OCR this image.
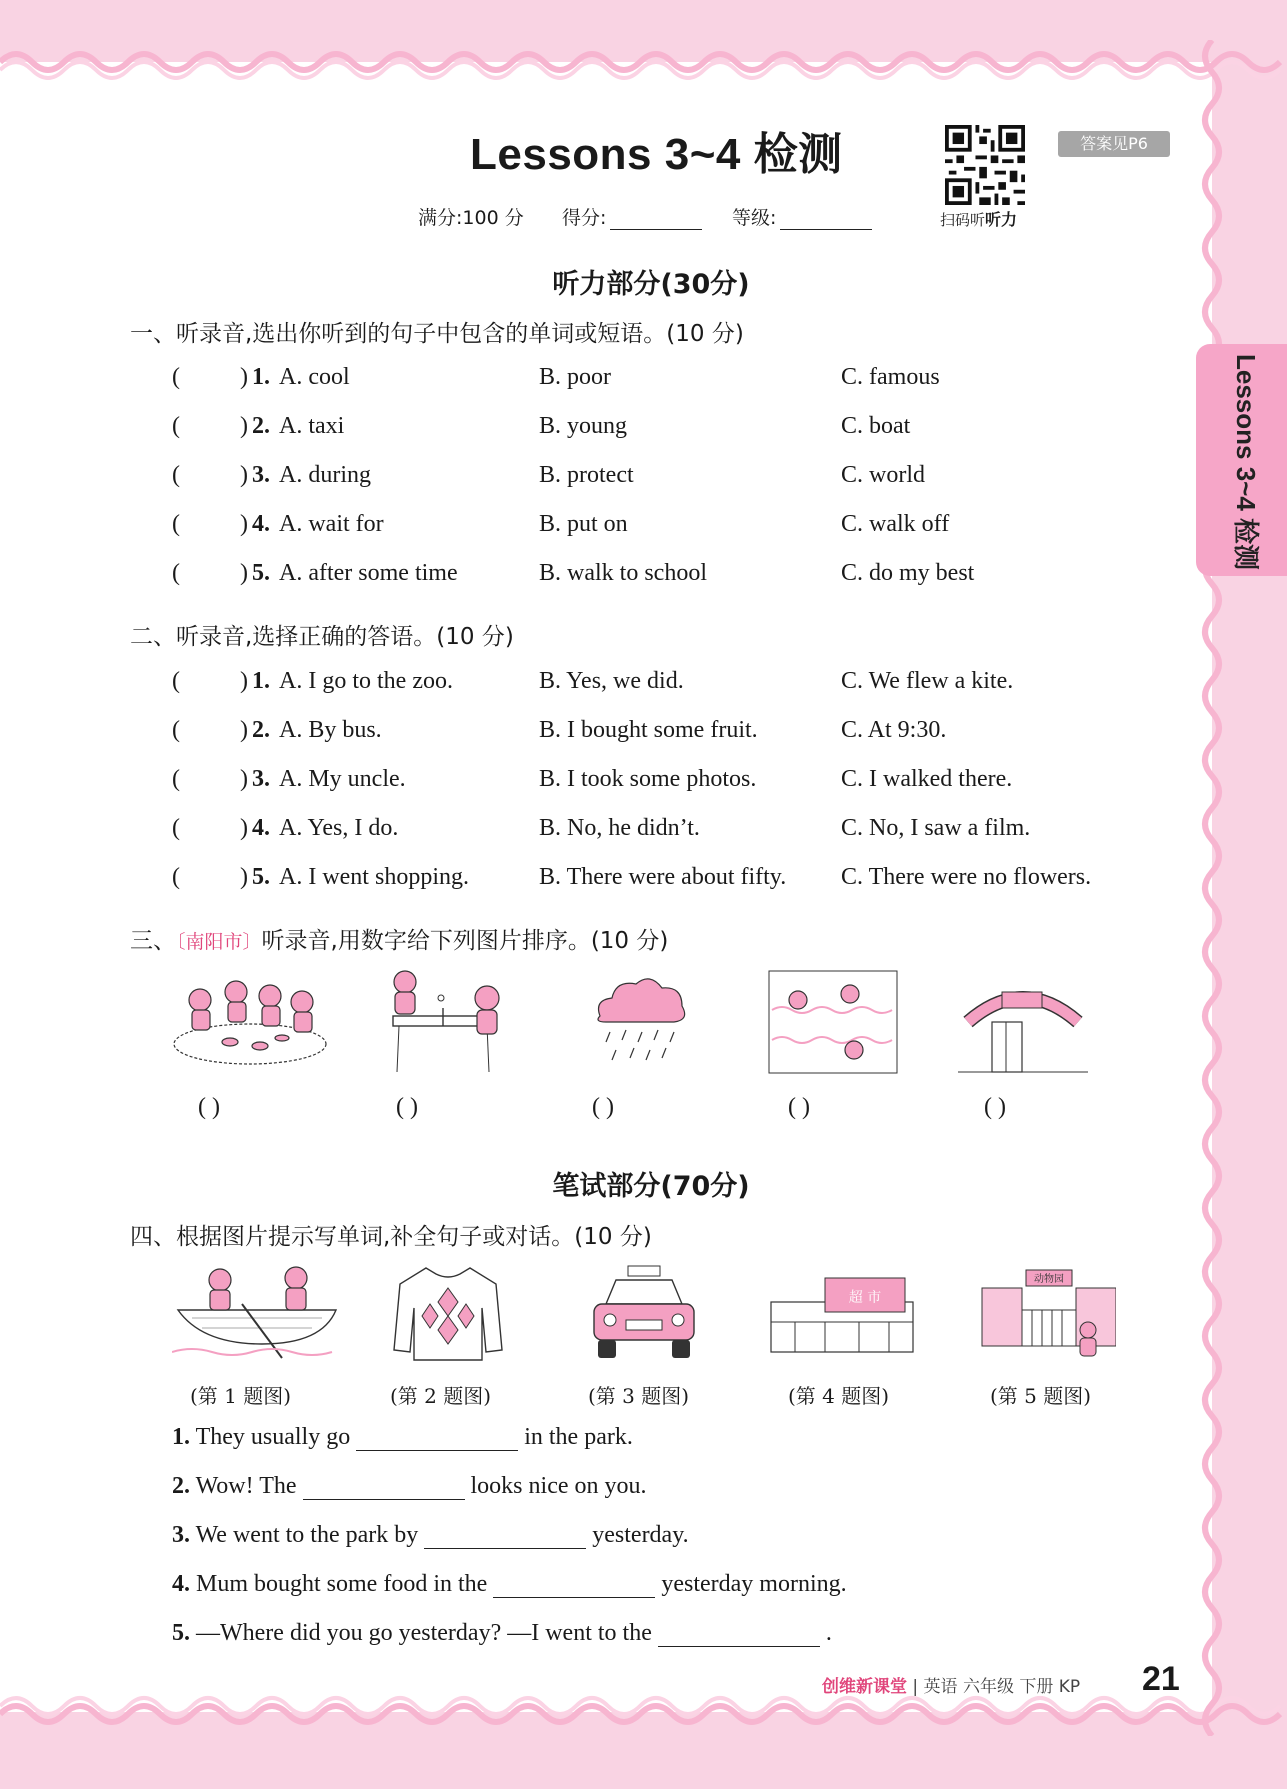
Lessons 3~4 检测
扫码听听力
答案见P6
满分:100 分 得分:	等级:
Lessons 3~4 检测
听力部分(30分)
一、听录音,选出你听到的句子中包含的单词或短语。(10 分)
(	) 1. A. cool	B. poor	C. famous
(	) 2. A. taxi	B. young	C. boat
(	) 3. A. during	B. protect	C. world
(	) 4. A. wait for	B. put on	C. walk off
(	) 5. A. after some time	B. walk to school	C. do my best
二、听录音,选择正确的答语。(10 分)
(	) 1. A. I go to the zoo.	B. Yes, we did.	C. We flew a kite.
(	) 2. A. By bus.	B. I bought some fruit.	C. At 9:30.
(	) 3. A. My uncle.	B. I took some photos.	C. I walked there.
(	) 4. A. Yes, I do.	B. No, he didn’t.	C. No, I saw a film.
(	) 5. A. I went shopping.	B. There were about fifty. C. There were no flowers.
三、〔南阳市〕听录音,用数字给下列图片排序。(10 分)
( )	( )	( )	( )	( )
笔试部分(70分)
四、根据图片提示写单词,补全句子或对话。(10 分)
超 市
动物园
(第 1 题图)	(第 2 题图)	(第 3 题图)	(第 4 题图)	(第 5 题图)
1. They usually go	in the park.
2. Wow! The	looks nice on you.
3. We went to the park by	yesterday.
4. Mum bought some food in the	yesterday morning.
5. —Where did you go yesterday? —I went to the	.
创维新课堂 | 英语 六年级 下册 KP 21
